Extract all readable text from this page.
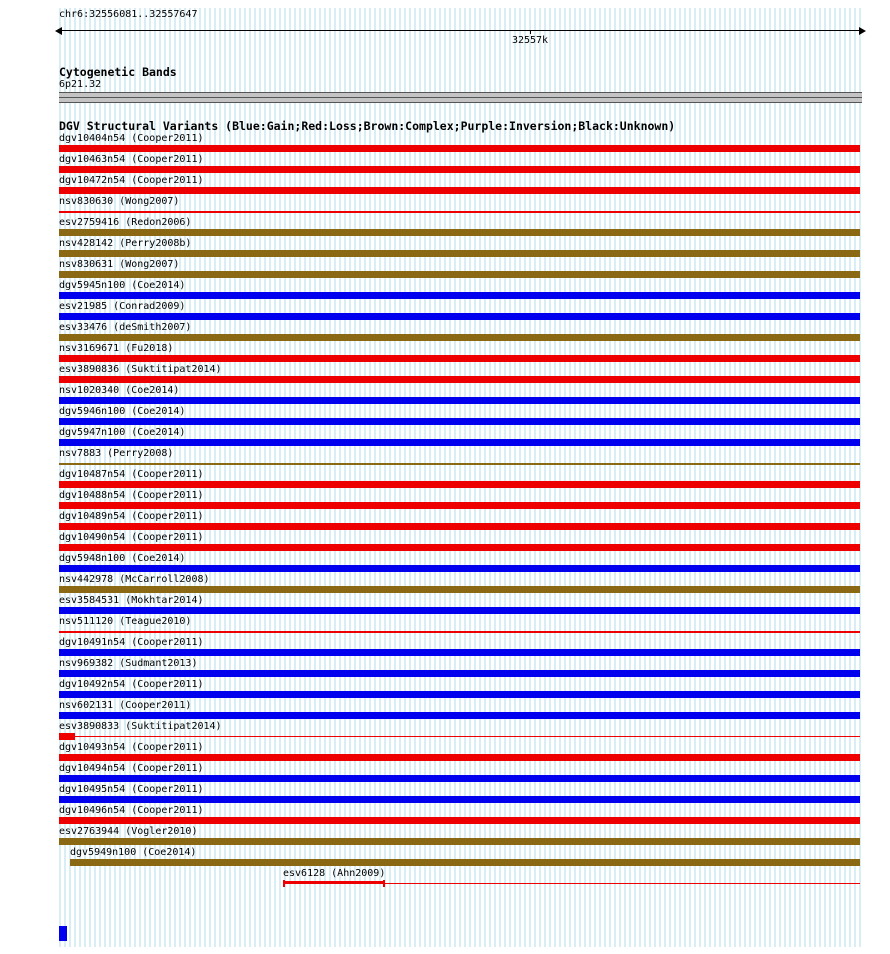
chr6:32556081..32557647
32557k
Cytogenetic Bands
6p21.32
DGV Structural Variants (Blue:Gain;Red:Loss;Brown:Complex;Purple:Inversion;Black:Unknown)
dgv10404n54 (Cooper2011)
dgv10463n54 (Cooper2011)
dgv10472n54 (Cooper2011)
nsv830630 (Wong2007)
esv2759416 (Redon2006)
nsv428142 (Perry2008b)
nsv830631 (Wong2007)
dgv5945n100 (Coe2014)
esv21985 (Conrad2009)
esv33476 (deSmith2007)
nsv3169671 (Fu2018)
esv3890836 (Suktitipat2014)
nsv1020340 (Coe2014)
dgv5946n100 (Coe2014)
dgv5947n100 (Coe2014)
nsv7883 (Perry2008)
dgv10487n54 (Cooper2011)
dgv10488n54 (Cooper2011)
dgv10489n54 (Cooper2011)
dgv10490n54 (Cooper2011)
dgv5948n100 (Coe2014)
nsv442978 (McCarroll2008)
esv3584531 (Mokhtar2014)
nsv511120 (Teague2010)
dgv10491n54 (Cooper2011)
nsv969382 (Sudmant2013)
dgv10492n54 (Cooper2011)
nsv602131 (Cooper2011)
esv3890833 (Suktitipat2014)
dgv10493n54 (Cooper2011)
dgv10494n54 (Cooper2011)
dgv10495n54 (Cooper2011)
dgv10496n54 (Cooper2011)
esv2763944 (Vogler2010)
dgv5949n100 (Coe2014)
esv6128 (Ahn2009)
